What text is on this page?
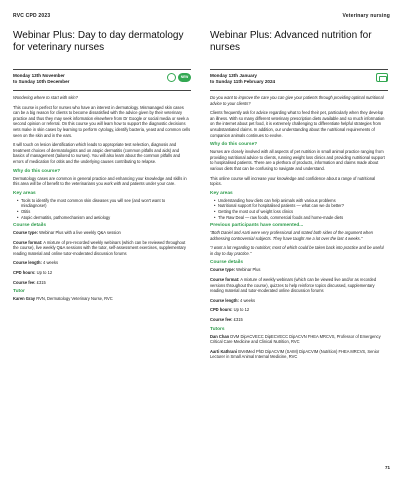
RVC CPD 2023	Veterinary nursing
Webinar Plus: Day to day dermatology for veterinary nurses
Monday 13th November
to Sunday 10th December
NEW

Wondering where to start with skin?

This course is perfect for nurses who have an interest in dermatology. Mismanaged skin cases can be a big reason for clients to become dissatisfied with the advice given by their veterinary practice and thus they may seek information elsewhere from Dr Google or social media or seek a second opinion or referral. On this course you will learn how to support the diagnostic decisions vets make in skin cases by learning to perform cytology, identify bacteria, yeast and common cells seen on the skin and in the ears.

It will touch on lesion identification which leads to appropriate test selection, diagnosis and treatment choices of dermatologists and on atopic dermatitis (common pitfalls and aids) and basics of management (tailored to nurses). You will also learn about the common pitfalls and errors of medication for otitis and the underlying causes contributing to relapse.

Why do this course?

Dermatology cases are common in general practice and enhancing your knowledge and skills in this area will be of benefit to the veterinarians you work with and patients under your care.

Key areas
• Tools to identify the most common skin diseases you will see (and won't want to misdiagnose!)
• Otitis
• Atopic dermatitis, pathomechanism and aetiology
Course details

Course type: Webinar Plus with a live weekly Q&A session

Course format: A mixture of pre-recorded weekly webinars (which can be reviewed throughout the course), live weekly Q&A sessions with the tutor, self-assessment exercises, supplementary reading material and online tutor-moderated discussion forums

Course length: 4 weeks

CPD hours: Up to 12

Course fee: £315

Tutor

Karen Gray RVN, Dermatology Veterinary Nurse, RVC

Webinar Plus: Advanced nutrition for nurses
Monday 13th January
to Sunday 11th February 2024

Do you want to improve the care you can give your patients through providing optimal nutritional advice to your clients?

Clients frequently ask for advice regarding what to feed their pet, particularly when they develop an illness. With so many different veterinary prescription diets available and so much information on the internet about pet food, it is extremely challenging to differentiate helpful strategies from unsubstantiated claims. In addition, our understanding about the nutritional requirements of companion animals continues to evolve.

Why do this course?

Nurses are closely involved with all aspects of pet nutrition in small animal practice ranging from providing nutritional advice to clients, running weight loss clinics and providing nutritional support to hospitalised patients. There are a plethora of products, information and claims made about various diets that can be confusing to navigate and understand.

This online course will increase your knowledge and confidence about a range of nutritional topics.

Key areas
• Understanding how diets can help animals with various problems
• Nutritional support for hospitalised patients — what can we do better?
• Getting the most out of weight loss clinics
• The Raw Deal — raw foods, commercial foods and home-made diets
Previous participants have commented...

"Both Daniel and Aarti were very professional and stated both sides of the argument when addressing controversial subjects. They have taught me a lot over the last 4 weeks."

"I want a lot regarding to nutrition; most of which could be taken back into practice and be useful in day to day practice."

Course details

Course type: Webinar Plus

Course format: A mixture of weekly webinars (which can be viewed live and/or as recorded versions throughout the course), quizzes to help reinforce topics discussed, supplementary reading material and tutor-moderated online discussion forums

Course length: 4 weeks

CPD hours: Up to 12

Course fee: £315

Tutors

Dan Chan DVM DipACVECC DipECVECC DipACVN FHEA MRCVS, Professor of Emergency Critical Care Medicine and Clinical Nutrition, RVC

Aarti Kathrani BVetMed PhD DipACVIM (SAIM) DipACVIM (Nutrition) FHEA MRCVS, Senior Lecturer in Small Animal Internal Medicine, RVC

71
